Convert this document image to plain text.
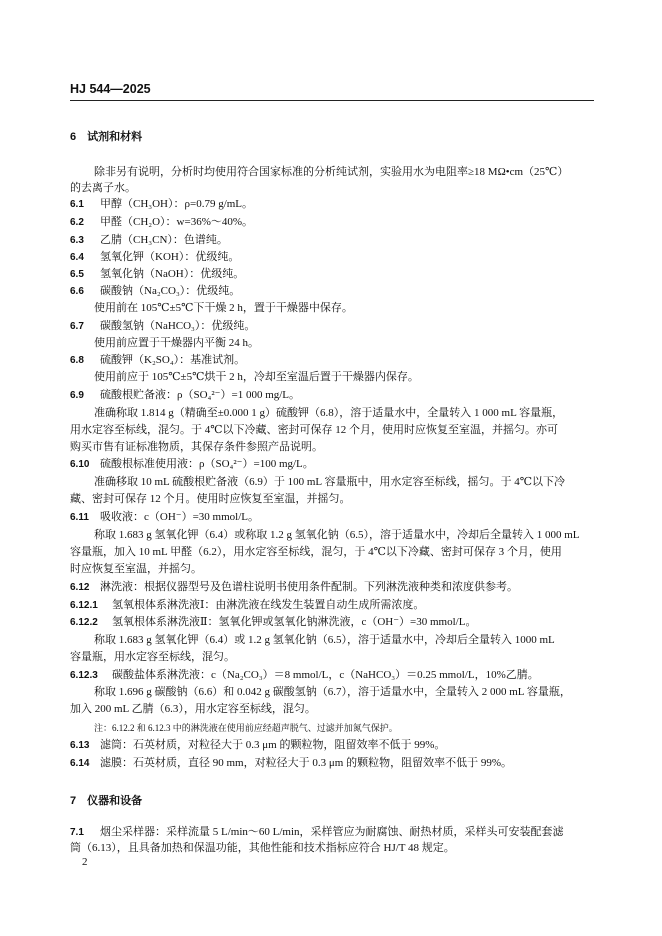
HJ 544—2025
6　试剂和材料
除非另有说明，分析时均使用符合国家标准的分析纯试剂，实验用水为电阻率≥18 MΩ•cm（25℃）
的去离子水。
6.1 甲醇（CH₃OH）：ρ=0.79 g/mL。
6.2 甲醛（CH₂O）：w=36%～40%。
6.3 乙腈（CH₃CN）：色谱纯。
6.4 氢氧化钾（KOH）：优级纯。
6.5 氢氧化钠（NaOH）：优级纯。
6.6 碳酸钠（Na₂CO₃）：优级纯。
使用前在 105℃±5℃下干燥 2 h，置于干燥器中保存。
6.7 碳酸氢钠（NaHCO₃）：优级纯。
使用前应置于干燥器内平衡 24 h。
6.8 硫酸钾（K₂SO₄）：基准试剂。
使用前应于 105℃±5℃烘干 2 h，冷却至室温后置于干燥器内保存。
6.9 硫酸根贮备液：ρ（SO₄²⁻）=1 000 mg/L。
准确称取 1.814 g（精确至±0.000 1 g）硫酸钾（6.8），溶于适量水中，全量转入 1 000 mL 容量瓶，
用水定容至标线，混匀。于 4℃以下冷藏、密封可保存 12 个月，使用时应恢复至室温，并摇匀。亦可
购买市售有证标准物质，其保存条件参照产品说明。
6.10 硫酸根标准使用液：ρ（SO₄²⁻）=100 mg/L。
准确移取 10 mL 硫酸根贮备液（6.9）于 100 mL 容量瓶中，用水定容至标线，摇匀。于 4℃以下冷
藏、密封可保存 12 个月。使用时应恢复至室温，并摇匀。
6.11 吸收液：c（OH⁻）=30 mmol/L。
称取 1.683 g 氢氧化钾（6.4）或称取 1.2 g 氢氧化钠（6.5），溶于适量水中，冷却后全量转入 1 000 mL
容量瓶，加入 10 mL 甲醛（6.2），用水定容至标线，混匀，于 4℃以下冷藏、密封可保存 3 个月，使用
时应恢复至室温，并摇匀。
6.12 淋洗液：根据仪器型号及色谱柱说明书使用条件配制。下列淋洗液种类和浓度供参考。
6.12.1 氢氧根体系淋洗液Ⅰ：由淋洗液在线发生装置自动生成所需浓度。
6.12.2 氢氧根体系淋洗液Ⅱ：氢氧化钾或氢氧化钠淋洗液，c（OH⁻）=30 mmol/L。
称取 1.683 g 氢氧化钾（6.4）或 1.2 g 氢氧化钠（6.5），溶于适量水中，冷却后全量转入 1000 mL
容量瓶，用水定容至标线，混匀。
6.12.3 碳酸盐体系淋洗液：c（Na₂CO₃）＝8 mmol/L，c（NaHCO₃）＝0.25 mmol/L，10%乙腈。
称取 1.696 g 碳酸钠（6.6）和 0.042 g 碳酸氢钠（6.7），溶于适量水中，全量转入 2 000 mL 容量瓶，
加入 200 mL 乙腈（6.3），用水定容至标线，混匀。
注：6.12.2 和 6.12.3 中的淋洗液在使用前应经超声脱气、过滤并加氮气保护。
6.13 滤筒：石英材质，对粒径大于 0.3 μm 的颗粒物，阻留效率不低于 99%。
6.14 滤膜：石英材质，直径 90 mm，对粒径大于 0.3 μm 的颗粒物，阻留效率不低于 99%。
7　仪器和设备
7.1 烟尘采样器：采样流量 5 L/min～60 L/min，采样管应为耐腐蚀、耐热材质，采样头可安装配套滤
筒（6.13），且具备加热和保温功能，其他性能和技术指标应符合 HJ/T 48 规定。
2
